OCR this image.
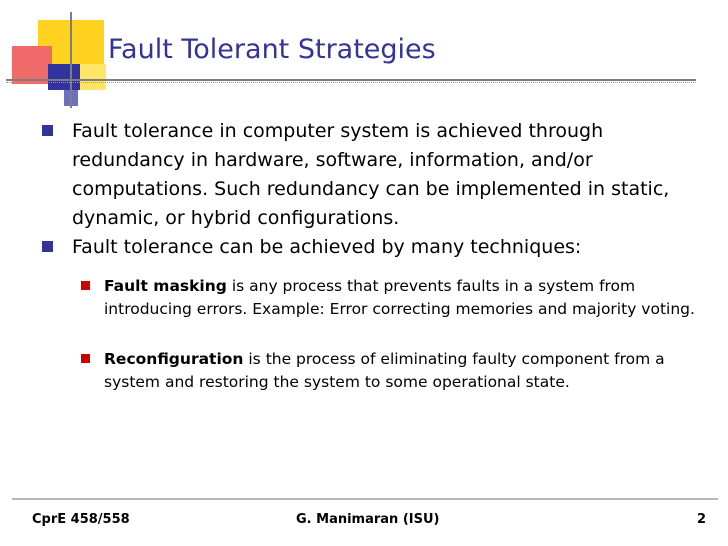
Fault Tolerant Strategies
Fault tolerance in computer system is achieved through redundancy in hardware, software, information, and/or computations. Such redundancy can be implemented in static, dynamic, or hybrid configurations.
Fault tolerance can be achieved by many techniques:
Fault masking is any process that prevents faults in a system from introducing errors. Example: Error correcting memories and majority voting.
Reconfiguration is the process of eliminating faulty component from a system and restoring the system to some operational state.
CprE 458/558	G. Manimaran (ISU)	2
